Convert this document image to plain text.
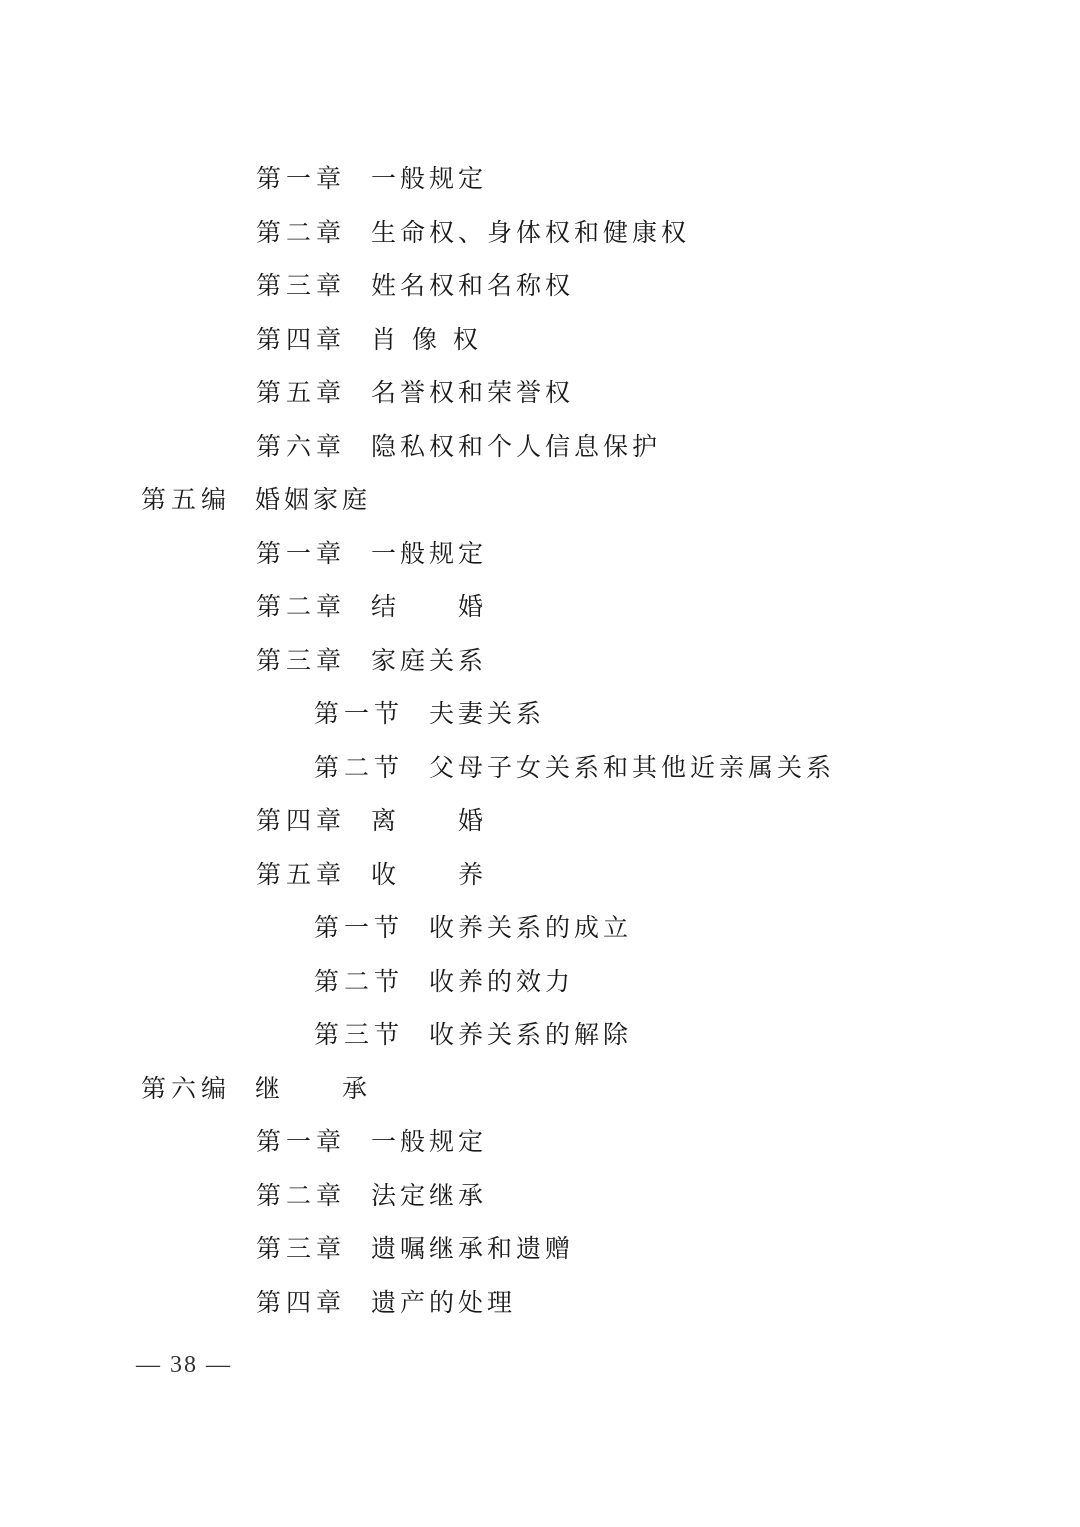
第一章 一般规定
第二章 生命权、身体权和健康权
第三章 姓名权和名称权
第四章 肖 像 权
第五章 名誉权和荣誉权
第六章 隐私权和个人信息保护
第五编 婚姻家庭
第一章 一般规定
第二章 结　　婚
第三章 家庭关系
第一节 夫妻关系
第二节 父母子女关系和其他近亲属关系
第四章 离　　婚
第五章 收　　养
第一节 收养关系的成立
第二节 收养的效力
第三节 收养关系的解除
第六编 继　　承
第一章 一般规定
第二章 法定继承
第三章 遗嘱继承和遗赠
第四章 遗产的处理
— 38 —
